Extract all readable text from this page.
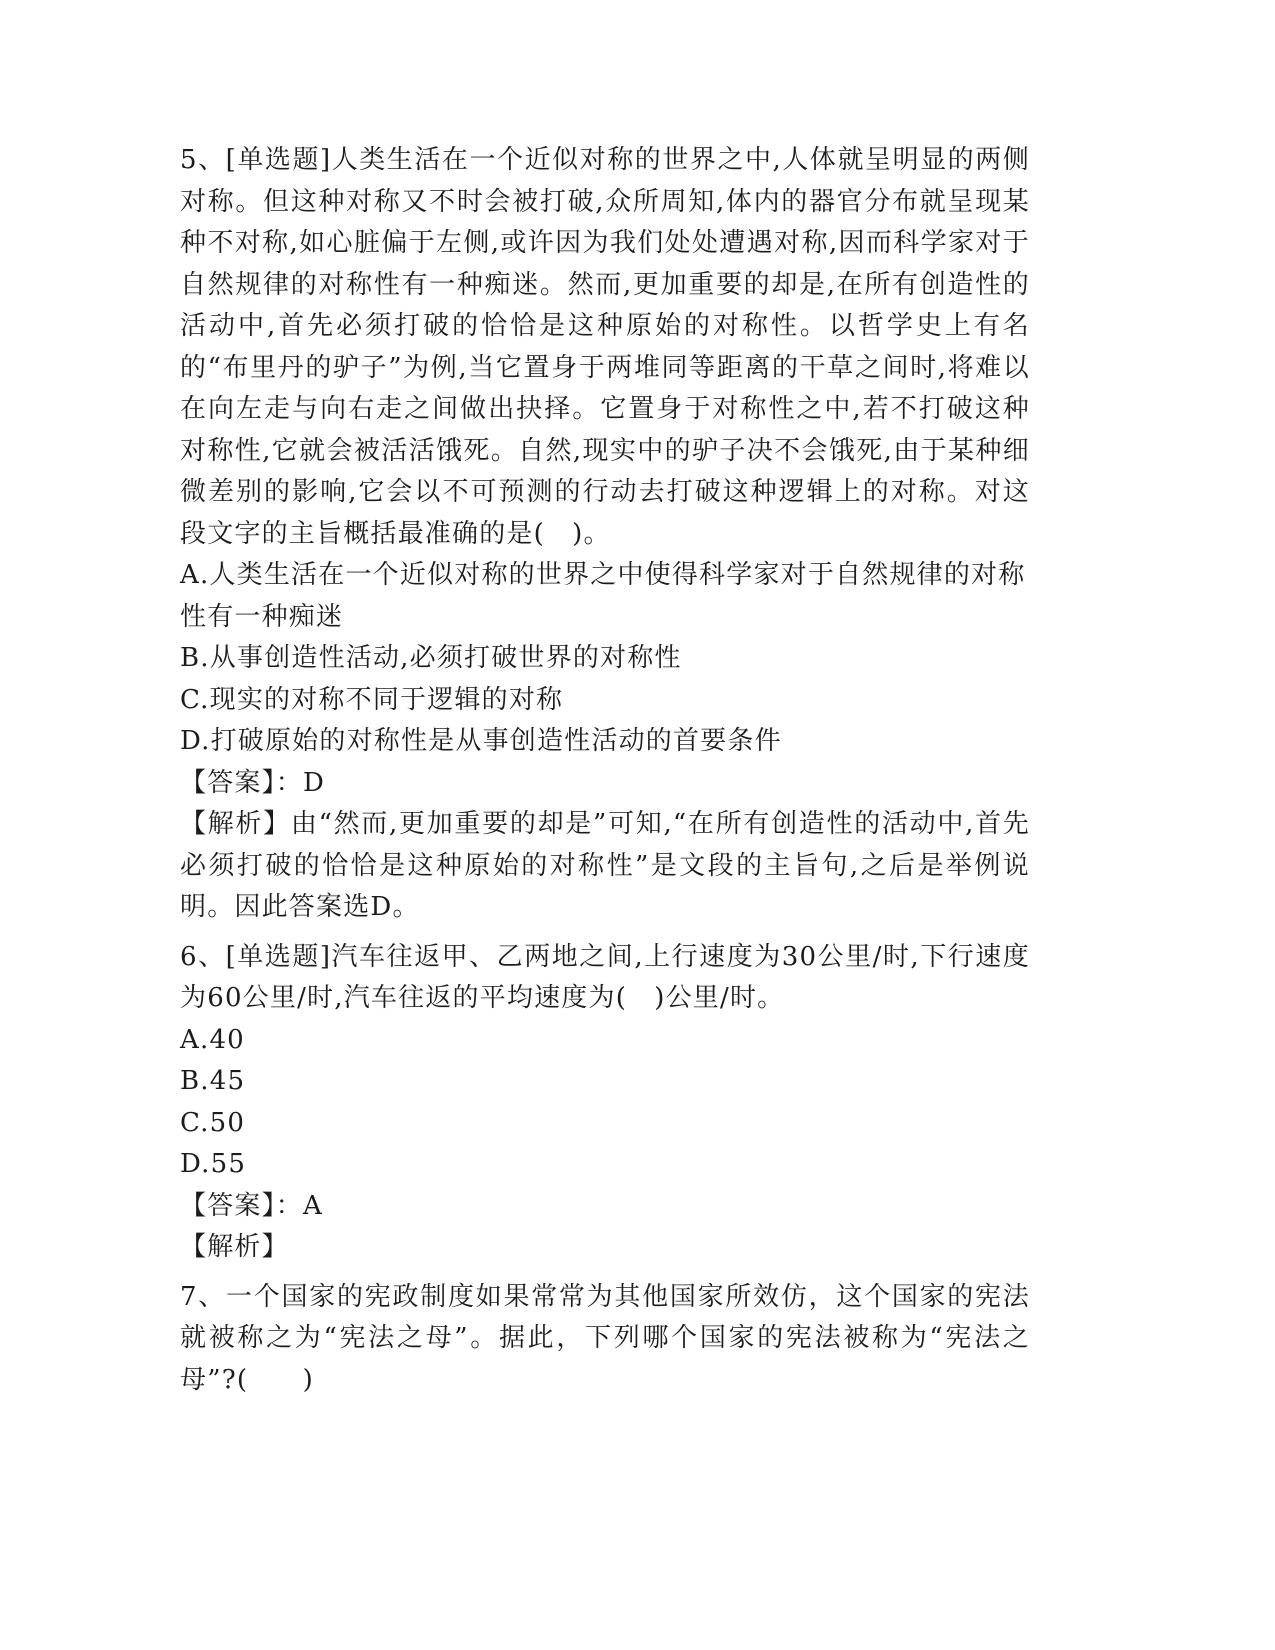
5、[单选题]人类生活在一个近似对称的世界之中,人体就呈明显的两侧对称。但这种对称又不时会被打破,众所周知,体内的器官分布就呈现某种不对称,如心脏偏于左侧,或许因为我们处处遭遇对称,因而科学家对于自然规律的对称性有一种痴迷。然而,更加重要的却是,在所有创造性的活动中,首先必须打破的恰恰是这种原始的对称性。以哲学史上有名的“布里丹的驴子”为例,当它置身于两堆同等距离的干草之间时,将难以在向左走与向右走之间做出抉择。它置身于对称性之中,若不打破这种对称性,它就会被活活饿死。自然,现实中的驴子决不会饿死,由于某种细微差别的影响,它会以不可预测的行动去打破这种逻辑上的对称。对这段文字的主旨概括最准确的是(　)。

A.人类生活在一个近似对称的世界之中使得科学家对于自然规律的对称性有一种痴迷

B.从事创造性活动,必须打破世界的对称性

C.现实的对称不同于逻辑的对称

D.打破原始的对称性是从事创造性活动的首要条件

【答案】：D

【解析】由“然而,更加重要的却是”可知,“在所有创造性的活动中,首先必须打破的恰恰是这种原始的对称性”是文段的主旨句,之后是举例说明。因此答案选D。

6、[单选题]汽车往返甲、乙两地之间,上行速度为30公里/时,下行速度为60公里/时,汽车往返的平均速度为(　)公里/时。

A.40

B.45

C.50

D.55

【答案】：A

【解析】

7、一个国家的宪政制度如果常常为其他国家所效仿，这个国家的宪法就被称之为“宪法之母”。据此，下列哪个国家的宪法被称为“宪法之母”?(　　)
